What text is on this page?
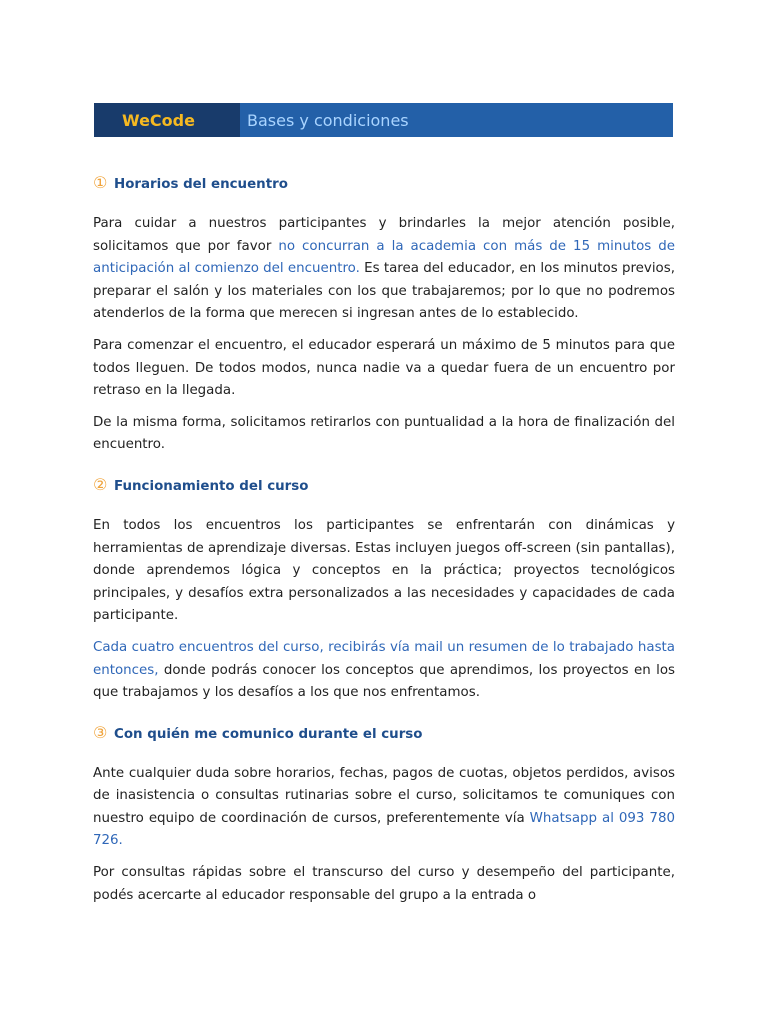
WeCode	Bases y condiciones
① Horarios del encuentro

Para cuidar a nuestros participantes y brindarles la mejor atención posible, solicitamos que por favor no concurran a la academia con más de 15 minutos de anticipación al comienzo del encuentro. Es tarea del educador, en los minutos previos, preparar el salón y los materiales con los que trabajaremos; por lo que no podremos atenderlos de la forma que merecen si ingresan antes de lo establecido.

Para comenzar el encuentro, el educador esperará un máximo de 5 minutos para que todos lleguen. De todos modos, nunca nadie va a quedar fuera de un encuentro por retraso en la llegada.

De la misma forma, solicitamos retirarlos con puntualidad a la hora de finalización del encuentro.

② Funcionamiento del curso

En todos los encuentros los participantes se enfrentarán con dinámicas y herramientas de aprendizaje diversas. Estas incluyen juegos off-screen (sin pantallas), donde aprendemos lógica y conceptos en la práctica; proyectos tecnológicos principales, y desafíos extra personalizados a las necesidades y capacidades de cada participante.

Cada cuatro encuentros del curso, recibirás vía mail un resumen de lo trabajado hasta entonces, donde podrás conocer los conceptos que aprendimos, los proyectos en los que trabajamos y los desafíos a los que nos enfrentamos.

③ Con quién me comunico durante el curso

Ante cualquier duda sobre horarios, fechas, pagos de cuotas, objetos perdidos, avisos de inasistencia o consultas rutinarias sobre el curso, solicitamos te comuniques con nuestro equipo de coordinación de cursos, preferentemente vía Whatsapp al 093 780 726.

Por consultas rápidas sobre el transcurso del curso y desempeño del participante, podés acercarte al educador responsable del grupo a la entrada o
